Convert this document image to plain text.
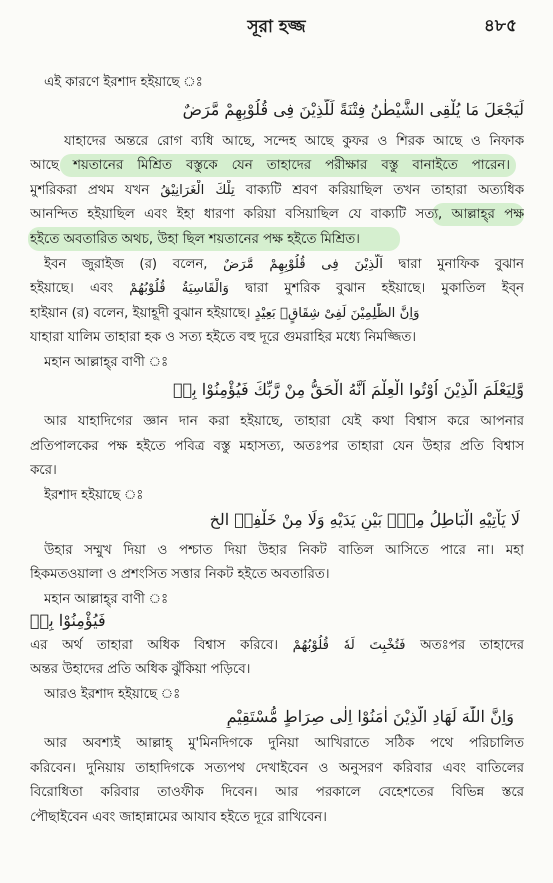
সূরা হজ্জ	৪৮৫
এই কারণে ইরশাদ হইয়াছে ঃ
لِّيَجْعَلَ مَا يُلْقِى الشَّيْطٰنُ فِتْنَةً لِّلَّذِيْنَ فِى قُلُوْبِهِمْ مَّرَضٌ
যাহাদের অন্তরে রোগ ব্যধি আছে, সন্দেহ আছে কুফর ও শিরক আছে ও নিফাক
আছে শয়তানের মিশ্রিত বস্তুকে যেন তাহাদের পরীক্ষার বস্তু বানাইতে পারেন।
মুশরিকরা প্রথম যখন تِلْكَ الْغَرَانِيْقُ বাক্যটি শ্রবণ করিয়াছিল তখন তাহারা অত্যধিক
আনন্দিত হইয়াছিল এবং ইহা ধারণা করিয়া বসিয়াছিল যে বাক্যটি সত্য, আল্লাহ্‌র পক্ষ
হইতে অবতারিত অথচ, উহা ছিল শয়তানের পক্ষ হইতে মিশ্রিত।
ইবন জুরাইজ (র) বলেন, اَلَّذِيْنَ فِى قُلُوْبِهِمْ مَّرَضٌ দ্বারা মুনাফিক বুঝান
হইয়াছে। এবং وَالْقَاسِيَةُ قُلُوْبُهُمْ দ্বারা মুশরিক বুঝান হইয়াছে। মুকাতিল ইব্‌ন
হাইয়ান (র) বলেন, ইয়াহূদী বুঝান হইয়াছে। وَاِنَّ الظّٰلِمِيْنَ لَفِىْ شِقَاقٍۭ بَعِيْدٍ
যাহারা যালিম তাহারা হক ও সত্য হইতে বহু দূরে গুমরাহির মধ্যে নিমজ্জিত।
মহান আল্লাহ্‌র বাণী ঃ
وَّلِيَعْلَمَ الَّذِيْنَ اُوْتُوا الْعِلْمَ اَنَّهُ الْحَقُّ مِنْ رَّبِّكَ فَيُؤْمِنُوْا بِهٖ
আর যাহাদিগের জ্ঞান দান করা হইয়াছে, তাহারা যেই কথা বিশ্বাস করে আপনার
প্রতিপালকের পক্ষ হইতে পবিত্র বস্তু মহাসত্য, অতঃপর তাহারা যেন উহার প্রতি বিশ্বাস
করে।
ইরশাদ হইয়াছে ঃ
لَا يَاْتِيْهِ الْبَاطِلُ مِنْۢ بَيْنِ يَدَيْهِ وَلَا مِنْ خَلْفِهٖ الخ
উহার সম্মুখ দিয়া ও পশ্চাত দিয়া উহার নিকট বাতিল আসিতে পারে না। মহা
হিকমতওয়ালা ও প্রশংসিত সত্তার নিকট হইতে অবতারিত।
মহান আল্লাহ্‌র বাণী ঃ
فَيُؤْمِنُوْا بِهٖ
এর অর্থ তাহারা অধিক বিশ্বাস করিবে। فَتُخْبِتَ لَهٗ قُلُوْبُهُمْ অতঃপর তাহাদের
অন্তর উহাদের প্রতি অধিক ঝুঁকিয়া পড়িবে।
আরও ইরশাদ হইয়াছে ঃ
وَاِنَّ اللّٰهَ لَهَادِ الَّذِيْنَ اٰمَنُوْا اِلٰى صِرَاطٍ مُّسْتَقِيْمٍ
আর অবশ্যই আল্লাহ্‌ মু'মিনদিগকে দুনিয়া আখিরাতে সঠিক পথে পরিচালিত
করিবেন। দুনিয়ায় তাহাদিগকে সত্যপথ দেখাইবেন ও অনুসরণ করিবার এবং বাতিলের
বিরোধিতা করিবার তাওফীক দিবেন। আর পরকালে বেহেশতের বিভিন্ন স্তরে
পৌছাইবেন এবং জাহান্নামের আযাব হইতে দূরে রাখিবেন।
